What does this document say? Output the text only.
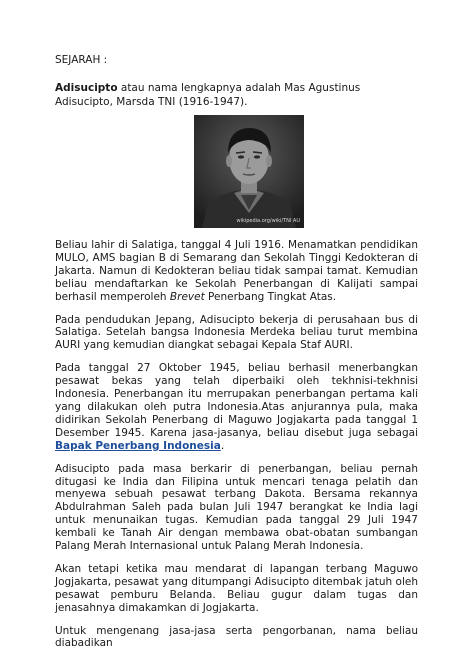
SEJARAH :
Adisucipto atau nama lengkapnya adalah Mas Agustinus Adisucipto, Marsda TNI (1916-1947).
wikipedia.org/wiki/TNI AU

Beliau lahir di Salatiga, tanggal 4 Juli 1916. Menamatkan pendidikan MULO, AMS bagian B di Semarang dan Sekolah Tinggi Kedokteran di Jakarta. Namun di Kedokteran beliau tidak sampai tamat. Kemudian beliau mendaftarkan ke Sekolah Penerbangan di Kalijati sampai berhasil memperoleh Brevet Penerbang Tingkat Atas.

Pada pendudukan Jepang, Adisucipto bekerja di perusahaan bus di Salatiga. Setelah bangsa Indonesia Merdeka beliau turut membina AURI yang kemudian diangkat sebagai Kepala Staf AURI.

Pada tanggal 27 Oktober 1945, beliau berhasil menerbangkan pesawat bekas yang telah diperbaiki oleh tekhnisi-tekhnisi Indonesia. Penerbangan itu merrupakan penerbangan pertama kali yang dilakukan oleh putra Indonesia.Atas anjurannya pula, maka didirikan Sekolah Penerbang di Maguwo Jogjakarta pada tanggal 1 Desember 1945. Karena jasa-jasanya, beliau disebut juga sebagai Bapak Penerbang Indonesia.

Adisucipto pada masa berkarir di penerbangan, beliau pernah ditugasi ke India dan Filipina untuk mencari tenaga pelatih dan menyewa sebuah pesawat terbang Dakota. Bersama rekannya Abdulrahman Saleh pada bulan Juli 1947 berangkat ke India lagi untuk menunaikan tugas. Kemudian pada tanggal 29 Juli 1947 kembali ke Tanah Air dengan membawa obat-obatan sumbangan Palang Merah Internasional untuk Palang Merah Indonesia.

Akan tetapi ketika mau mendarat di lapangan terbang Maguwo Jogjakarta, pesawat yang ditumpangi Adisucipto ditembak jatuh oleh pesawat pemburu Belanda. Beliau gugur dalam tugas dan jenasahnya dimakamkan di Jogjakarta.

Untuk mengenang jasa-jasa serta pengorbanan, nama beliau diabadikan
